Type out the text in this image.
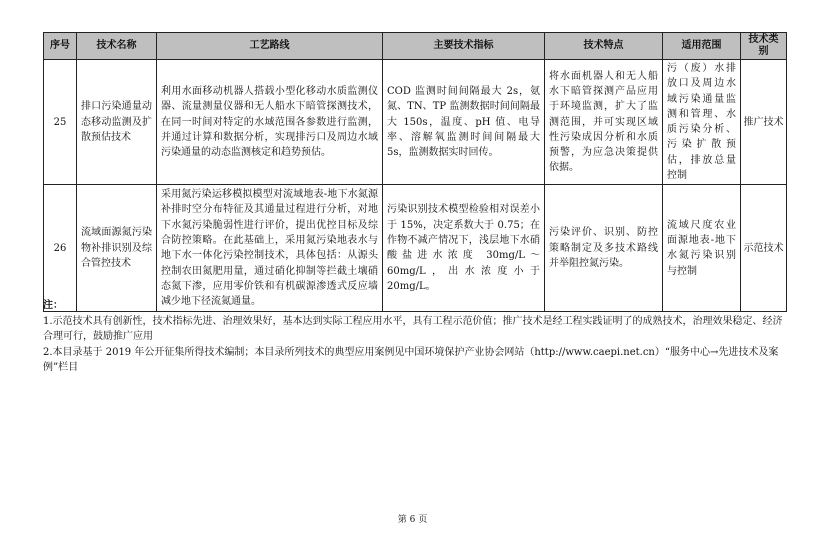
序号	技术名称	工艺路线	主要技术指标	技术特点	适用范围	技术类别
25	排口污染通量动态移动监测及扩散预估技术	利用水面移动机器人搭载小型化移动水质监测仪器、流量测量仪器和无人船水下暗管探测技术，在同一时间对特定的水域范围各参数进行监测，并通过计算和数据分析，实现排污口及周边水域污染通量的动态监测核定和趋势预估。	COD 监测时间间隔最大 2s，氨氮、TN、TP 监测数据时间间隔最大 150s，温度、pH 值、电导率、溶解氧监测时间间隔最大 5s，监测数据实时回传。	将水面机器人和无人船水下暗管探测产品应用于环境监测，扩大了监测范围，并可实现区域性污染成因分析和水质预警，为应急决策提供依据。	污（废）水排放口及周边水域污染通量监测和管理、水质污染分析、污染扩散预估，排放总量控制	推广技术
26	流域面源氮污染物补排识别及综合管控技术	采用氮污染运移模拟模型对流域地表-地下水氮源补排时空分布特征及其通量过程进行分析，对地下水氮污染脆弱性进行评价，提出优控目标及综合防控策略。在此基础上，采用氮污染地表水与地下水一体化污染控制技术，具体包括：从源头控制农田氮肥用量，通过硝化抑制等拦截土壤硝态氮下渗，应用零价铁和有机碳源渗透式反应墙减少地下径流氮通量。	污染识别技术模型检验相对误差小于 15%，决定系数大于 0.75；在作物不减产情况下，浅层地下水硝酸盐进水浓度 30mg/L～60mg/L，出水浓度小于 20mg/L。	污染评价、识别、防控策略制定及多技术路线并举阻控氮污染。	流域尺度农业面源地表-地下水氮污染识别与控制	示范技术
注：
1.示范技术具有创新性，技术指标先进、治理效果好，基本达到实际工程应用水平，具有工程示范价值；推广技术是经工程实践证明了的成熟技术，治理效果稳定、经济合理可行，鼓励推广应用
2.本目录基于 2019 年公开征集所得技术编制；本目录所列技术的典型应用案例见中国环境保护产业协会网站（http://www.caepi.net.cn）“服务中心→先进技术及案例”栏目
第 6 页
